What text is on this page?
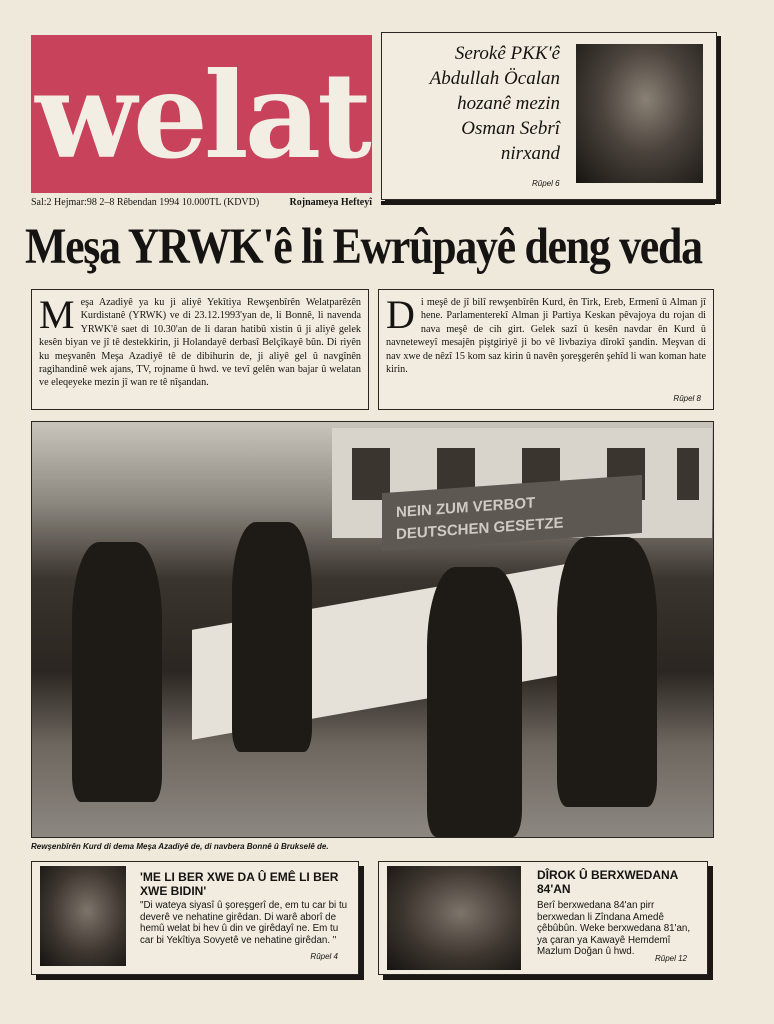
welat
Sal:2 Hejmar:98 2–8 Rêbendan 1994 10.000TL (KDVD)	Rojnameya Hefteyî
Serokê PKK'ê
Abdullah Öcalan
hozanê mezin
Osman Sebrî
nirxand
Rûpel 6
Meşa YRWK'ê li Ewrûpayê deng veda
Meşa Azadiyê ya ku ji aliyê Yekîtiya Rewşenbîrên Welatparêzên Kurdistanê (YRWK) ve di 23.12.1993'yan de, li Bonnê, li navenda YRWK'ê saet di 10.30'an de li daran hatibû xistin û ji aliyê gelek kesên biyan ve jî tê destekkirin, ji Holandayê derbasî Belçîkayê bûn. Di riyên ku meşvanên Meşa Azadiyê tê de dibihurin de, ji aliyê gel û navgînên ragihandinê wek ajans, TV, rojname û hwd. ve tevî gelên wan bajar û welatan ve eleqeyeke mezin jî wan re tê nîşandan.
Di meşê de jî bilî rewşenbîrên Kurd, ên Tirk, Ereb, Ermenî û Alman jî hene. Parlamenterekî Alman ji Partiya Keskan pêvajoya du rojan di nava meşê de cih girt. Gelek sazî û kesên navdar ên Kurd û navneteweyî mesajên piştgiriyê ji bo vê livbaziya dîrokî şandin. Meşvan di nav xwe de nêzî 15 kom saz kirin û navên şoreşgerên şehîd li wan koman hate kirin.
Rûpel 8
NEIN ZUM VERBOT
DEUTSCHEN GESETZE
Rewşenbîrên Kurd di dema Meşa Azadiyê de, di navbera Bonnê û Brukselê de.
'ME LI BER XWE DA Û EMÊ LI BER XWE BIDIN'
"Di wateya siyasî û şoreşgerî de, em tu car bi tu deverê ve nehatine girêdan. Di warê aborî de hemû welat bi hev û din ve girêdayî ne. Em tu car bi Yekîtiya Sovyetê ve nehatine girêdan. "
Rûpel 4
DÎROK Û BERXWEDANA 84'AN
Berî berxwedana 84'an pirr berxwedan li Zîndana Amedê çêbûbûn. Weke berxwedana 81'an, ya çaran ya Kawayê Hemdemî Mazlum Doğan û hwd.
Rûpel 12
